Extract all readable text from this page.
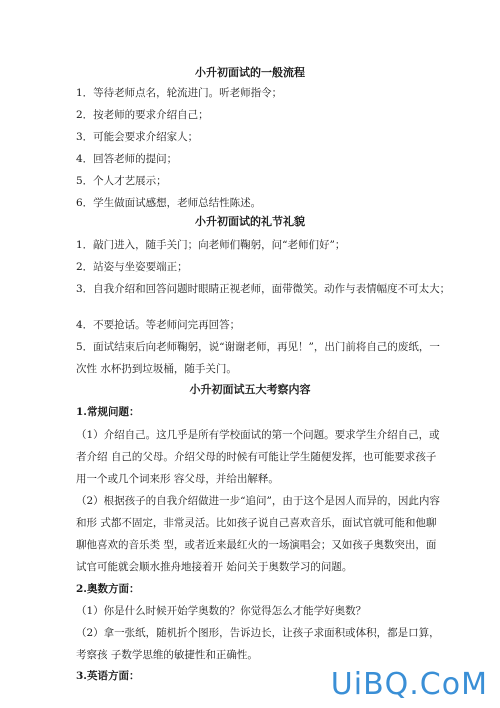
小升初面试的一般流程
1．等待老师点名，轮流进门。听老师指令；
2．按老师的要求介绍自己；
3．可能会要求介绍家人；
4．回答老师的提问；
5．个人才艺展示；
6．学生做面试感想，老师总结性陈述。
小升初面试的礼节礼貌
1．敲门进入，随手关门；向老师们鞠躬，问“老师们好”；
2．站姿与坐姿要端正；
3．自我介绍和回答问题时眼睛正视老师，面带微笑。动作与表情幅度不可太大；
4．不要抢话。等老师问完再回答；
5．面试结束后向老师鞠躬，说“谢谢老师，再见！”，出门前将自己的废纸，一
次性 水杯扔到垃圾桶，随手关门。
小升初面试五大考察内容
1.常规问题：
（1）介绍自己。这几乎是所有学校面试的第一个问题。要求学生介绍自己，或
者介绍 自己的父母。介绍父母的时候有可能让学生随便发挥，也可能要求孩子
用一个或几个词来形 容父母，并给出解释。
（2）根据孩子的自我介绍做进一步“追问”，由于这个是因人而异的，因此内容
和形 式都不固定，非常灵活。比如孩子说自己喜欢音乐，面试官就可能和他聊
聊他喜欢的音乐类 型，或者近来最红火的一场演唱会；又如孩子奥数突出，面
试官可能就会顺水推舟地接着开 始问关于奥数学习的问题。
2.奥数方面：
（1）你是什么时候开始学奥数的？你觉得怎么才能学好奥数？
（2）拿一张纸，随机折个图形，告诉边长，让孩子求面积或体积，都是口算，
考察孩 子数学思维的敏捷性和正确性。
3.英语方面：	UiBQ.CoM
